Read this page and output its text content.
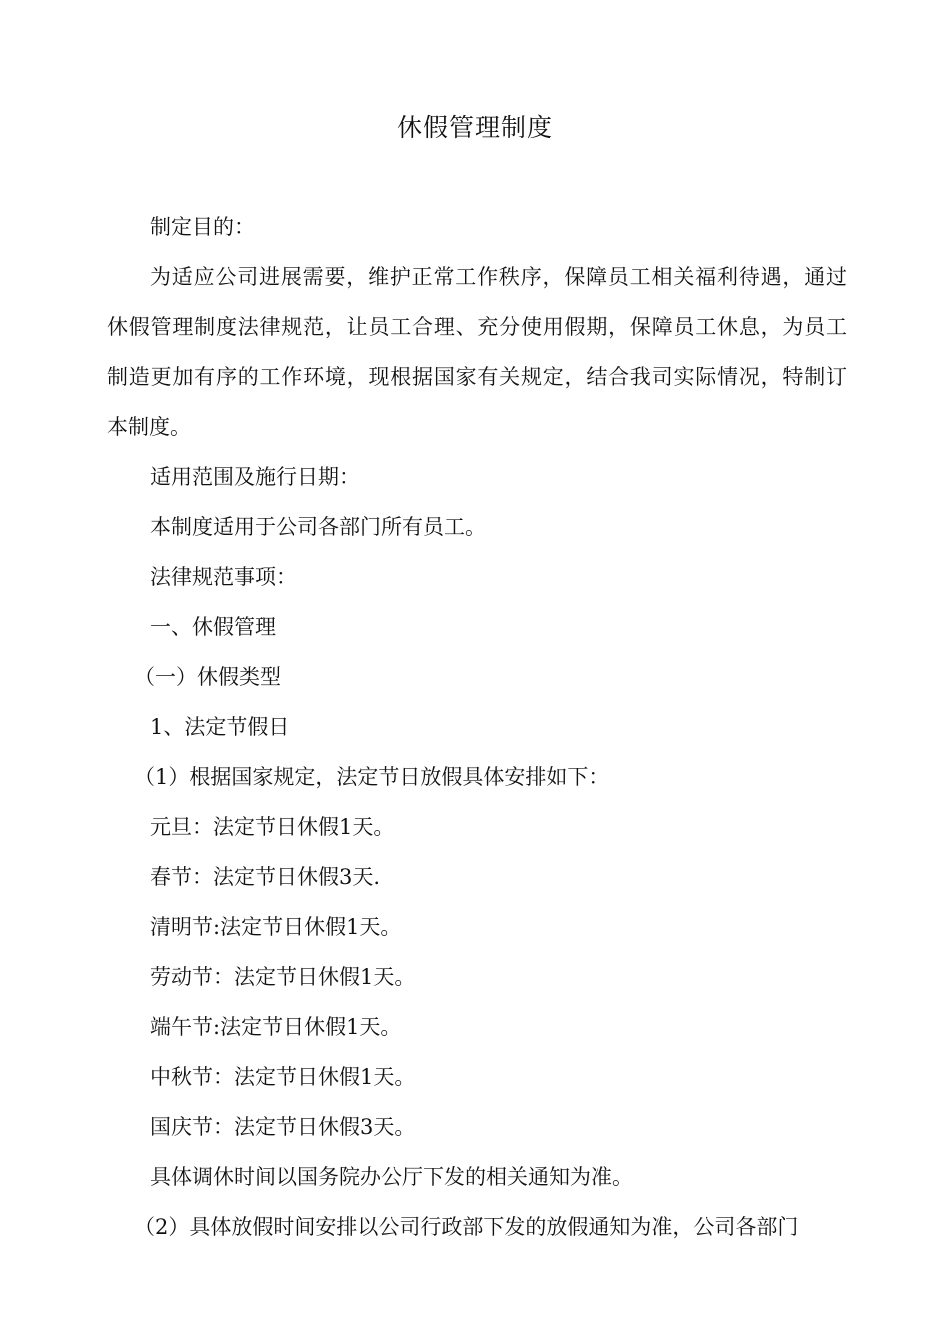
休假管理制度
制定目的：
为适应公司进展需要，维护正常工作秩序，保障员工相关福利待遇，通过
休假管理制度法律规范，让员工合理、充分使用假期，保障员工休息，为员工
制造更加有序的工作环境，现根据国家有关规定，结合我司实际情况，特制订
本制度。
适用范围及施行日期：
本制度适用于公司各部门所有员工。
法律规范事项：
一、休假管理
（一）休假类型
1、法定节假日
（1）根据国家规定，法定节日放假具体安排如下：
元旦：法定节日休假1天。
春节：法定节日休假3天.
清明节:法定节日休假1天。
劳动节：法定节日休假1天。
端午节:法定节日休假1天。
中秋节：法定节日休假1天。
国庆节：法定节日休假3天。
具体调休时间以国务院办公厅下发的相关通知为准。
（2）具体放假时间安排以公司行政部下发的放假通知为准，公司各部门
